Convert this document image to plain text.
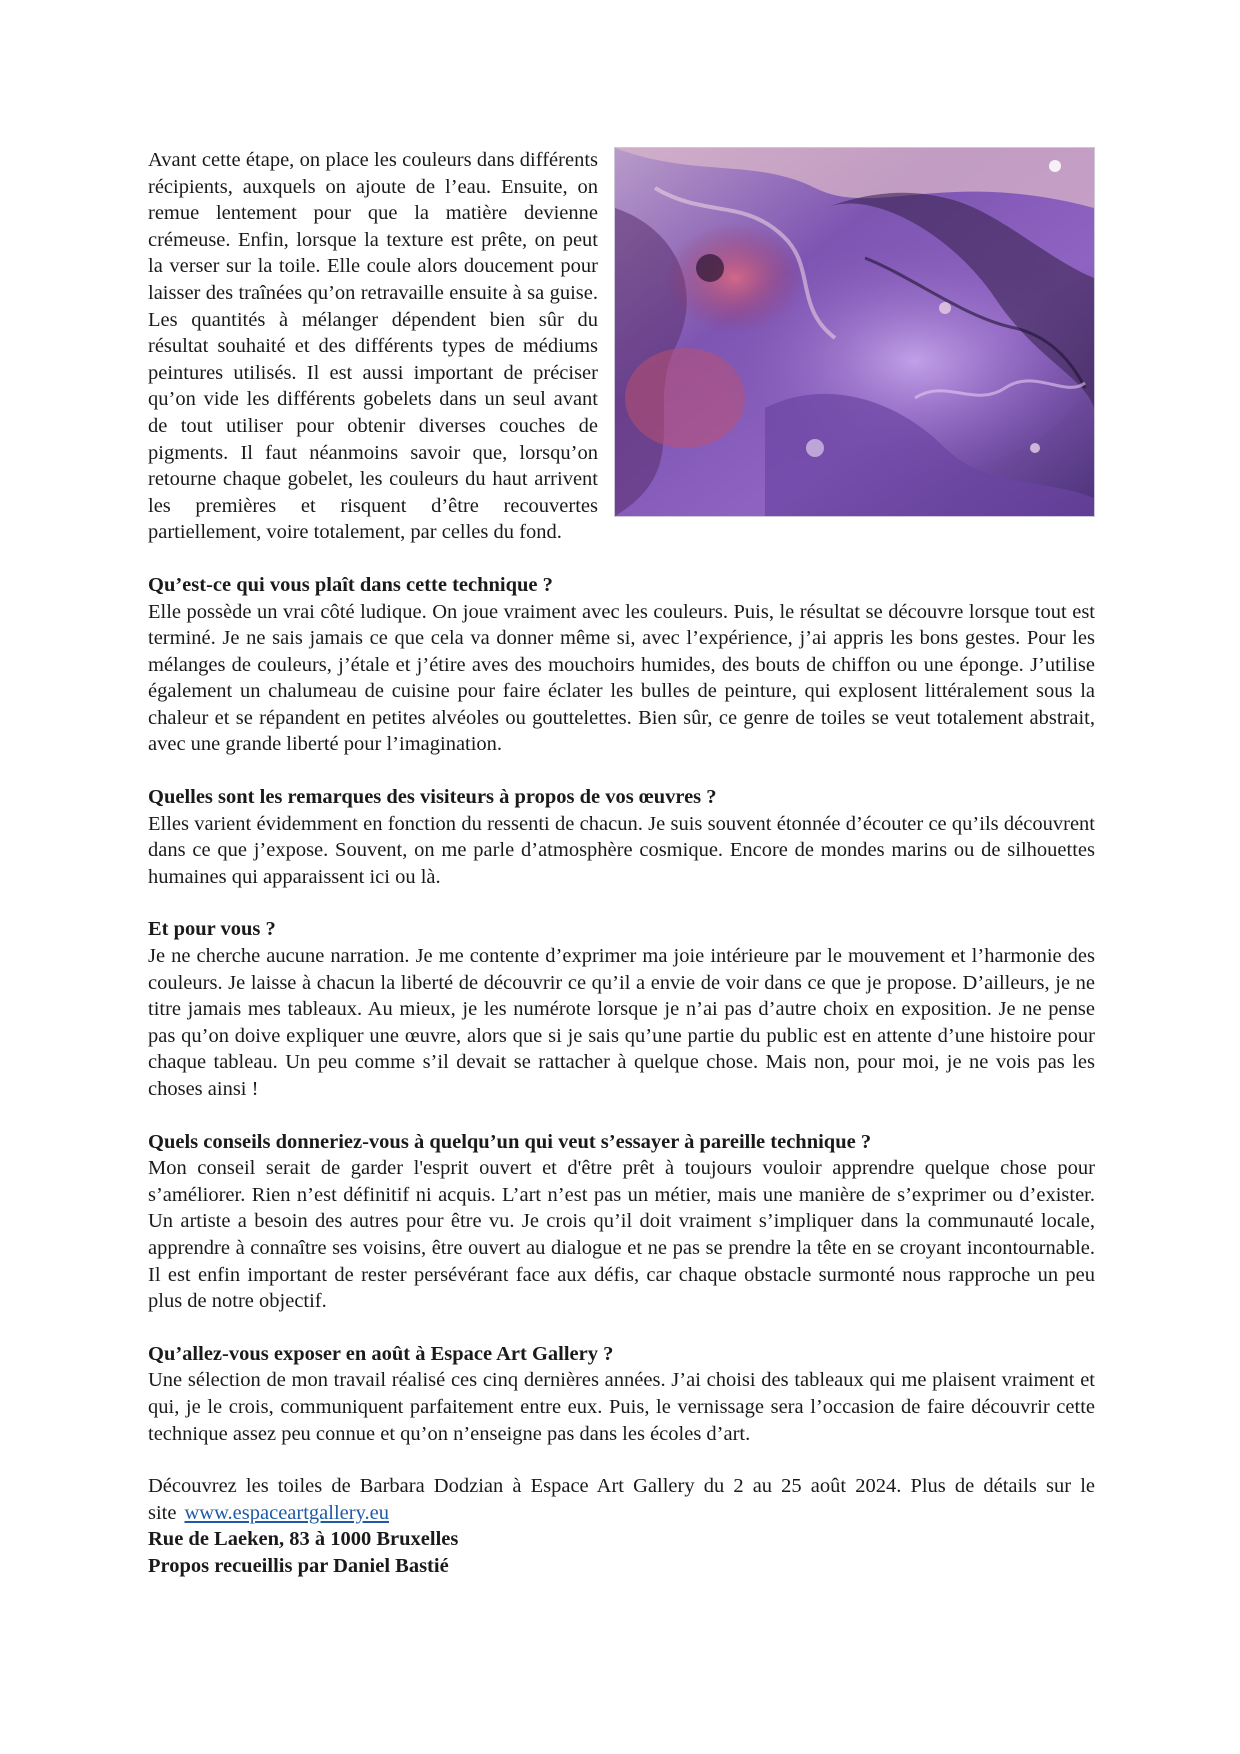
Avant cette étape, on place les couleurs dans différents récipients, auxquels on ajoute de l’eau. Ensuite, on remue lentement pour que la matière devienne crémeuse. Enfin, lorsque la texture est prête, on peut la verser sur la toile. Elle coule alors doucement pour laisser des traînées qu’on retravaille ensuite à sa guise. Les quantités à mélanger dépendent bien sûr du résultat souhaité et des différents types de médiums peintures utilisés. Il est aussi important de préciser qu’on vide les différents gobelets dans un seul avant de tout utiliser pour obtenir diverses couches de pigments. Il faut néanmoins savoir que, lorsqu’on retourne chaque gobelet, les couleurs du haut arrivent les premières et risquent d’être recouvertes partiellement, voire totalement, par celles du fond.

Qu’est-ce qui vous plaît dans cette technique ?

Elle possède un vrai côté ludique. On joue vraiment avec les couleurs. Puis, le résultat se découvre lorsque tout est terminé. Je ne sais jamais ce que cela va donner même si, avec l’expérience, j’ai appris les bons gestes. Pour les mélanges de couleurs, j’étale et j’étire aves des mouchoirs humides, des bouts de chiffon ou une éponge. J’utilise également un chalumeau de cuisine pour faire éclater les bulles de peinture, qui explosent littéralement sous la chaleur et se répandent en petites alvéoles ou gouttelettes. Bien sûr, ce genre de toiles se veut totalement abstrait, avec une grande liberté pour l’imagination.

Quelles sont les remarques des visiteurs à propos de vos œuvres ?

Elles varient évidemment en fonction du ressenti de chacun. Je suis souvent étonnée d’écouter ce qu’ils découvrent dans ce que j’expose. Souvent, on me parle d’atmosphère cosmique. Encore de mondes marins ou de silhouettes humaines qui apparaissent ici ou là.

Et pour vous ?

Je ne cherche aucune narration. Je me contente d’exprimer ma joie intérieure par le mouvement et l’harmonie des couleurs. Je laisse à chacun la liberté de découvrir ce qu’il a envie de voir dans ce que je propose. D’ailleurs, je ne titre jamais mes tableaux. Au mieux, je les numérote lorsque je n’ai pas d’autre choix en exposition. Je ne pense pas qu’on doive expliquer une œuvre, alors que si je sais qu’une partie du public est en attente d’une histoire pour chaque tableau. Un peu comme s’il devait se rattacher à quelque chose. Mais non, pour moi, je ne vois pas les choses ainsi !

Quels conseils donneriez-vous à quelqu’un qui veut s’essayer à pareille technique ?

Mon conseil serait de garder l'esprit ouvert et d'être prêt à toujours vouloir apprendre quelque chose pour s’améliorer. Rien n’est définitif ni acquis. L’art n’est pas un métier, mais une manière de s’exprimer ou d’exister. Un artiste a besoin des autres pour être vu. Je crois qu’il doit vraiment s’impliquer dans la communauté locale, apprendre à connaître ses voisins, être ouvert au dialogue et ne pas se prendre la tête en se croyant incontournable. Il est enfin important de rester persévérant face aux défis, car chaque obstacle surmonté nous rapproche un peu plus de notre objectif.

Qu’allez-vous exposer en août à Espace Art Gallery ?

Une sélection de mon travail réalisé ces cinq dernières années. J’ai choisi des tableaux qui me plaisent vraiment et qui, je le crois, communiquent parfaitement entre eux. Puis, le vernissage sera l’occasion de faire découvrir cette technique assez peu connue et qu’on n’enseigne pas dans les écoles d’art.

Découvrez les toiles de Barbara Dodzian à Espace Art Gallery du 2 au 25 août 2024. Plus de détails sur le site www.espaceartgallery.eu

Rue de Laeken, 83 à 1000 Bruxelles

Propos recueillis par Daniel Bastié
